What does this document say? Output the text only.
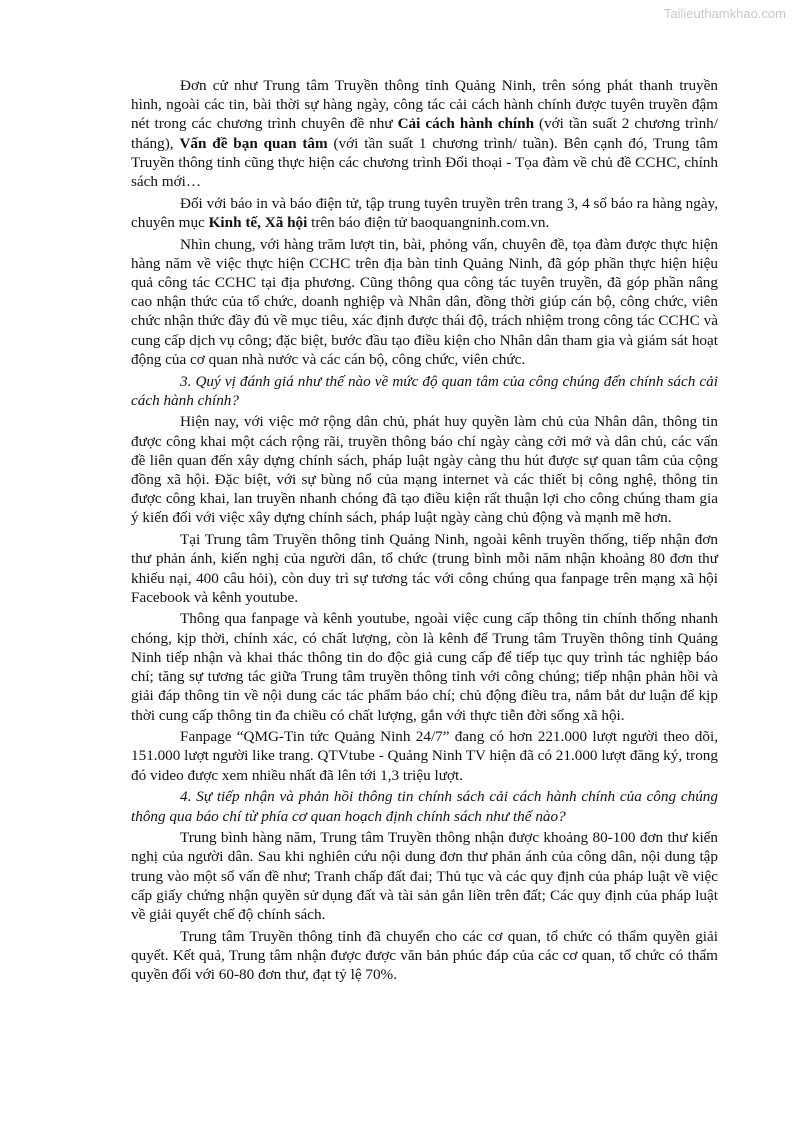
Tailieuthamkhao.com

Đơn cử như Trung tâm Truyền thông tỉnh Quảng Ninh, trên sóng phát thanh truyền hình, ngoài các tin, bài thời sự hàng ngày, công tác cải cách hành chính được tuyên truyền đậm nét trong các chương trình chuyên đề như Cải cách hành chính (với tần suất 2 chương trình/ tháng), Vấn đề bạn quan tâm (với tần suất 1 chương trình/ tuần). Bên cạnh đó, Trung tâm Truyền thông tỉnh cũng thực hiện các chương trình Đối thoại - Tọa đàm về chủ đề CCHC, chính sách mới…

Đối với báo in và báo điện tử, tập trung tuyên truyền trên trang 3, 4 số báo ra hàng ngày, chuyên mục Kinh tế, Xã hội trên báo điện tử baoquangninh.com.vn.

Nhìn chung, với hàng trăm lượt tin, bài, phỏng vấn, chuyên đề, tọa đàm được thực hiện hàng năm về việc thực hiện CCHC trên địa bàn tỉnh Quảng Ninh, đã góp phần thực hiện hiệu quả công tác CCHC tại địa phương. Cũng thông qua công tác tuyên truyền, đã góp phần nâng cao nhận thức của tổ chức, doanh nghiệp và Nhân dân, đồng thời giúp cán bộ, công chức, viên chức nhận thức đầy đủ về mục tiêu, xác định được thái độ, trách nhiệm trong công tác CCHC và cung cấp dịch vụ công; đặc biệt, bước đầu tạo điều kiện cho Nhân dân tham gia và giám sát hoạt động của cơ quan nhà nước và các cán bộ, công chức, viên chức.

3. Quý vị đánh giá như thế nào về mức độ quan tâm của công chúng đến chính sách cải cách hành chính?

Hiện nay, với việc mở rộng dân chủ, phát huy quyền làm chủ của Nhân dân, thông tin được công khai một cách rộng rãi, truyền thông báo chí ngày càng cởi mở và dân chủ, các vấn đề liên quan đến xây dựng chính sách, pháp luật ngày càng thu hút được sự quan tâm của cộng đồng xã hội. Đặc biệt, với sự bùng nổ của mạng internet và các thiết bị công nghệ, thông tin được công khai, lan truyền nhanh chóng đã tạo điều kiện rất thuận lợi cho công chúng tham gia ý kiến đối với việc xây dựng chính sách, pháp luật ngày càng chủ động và mạnh mẽ hơn.

Tại Trung tâm Truyền thông tỉnh Quảng Ninh, ngoài kênh truyền thống, tiếp nhận đơn thư phản ánh, kiến nghị của người dân, tổ chức (trung bình mỗi năm nhận khoảng 80 đơn thư khiếu nại, 400 câu hỏi), còn duy trì sự tương tác với công chúng qua fanpage trên mạng xã hội Facebook và kênh youtube.

Thông qua fanpage và kênh youtube, ngoài việc cung cấp thông tin chính thống nhanh chóng, kịp thời, chính xác, có chất lượng, còn là kênh để Trung tâm Truyền thông tỉnh Quảng Ninh tiếp nhận và khai thác thông tin do độc giả cung cấp để tiếp tục quy trình tác nghiệp báo chí; tăng sự tương tác giữa Trung tâm truyền thông tỉnh với công chúng; tiếp nhận phản hồi và giải đáp thông tin về nội dung các tác phẩm báo chí; chủ động điều tra, nắm bắt dư luận để kịp thời cung cấp thông tin đa chiều có chất lượng, gắn với thực tiễn đời sống xã hội.

Fanpage “QMG-Tin tức Quảng Ninh 24/7” đang có hơn 221.000 lượt người theo dõi, 151.000 lượt người like trang. QTVtube - Quảng Ninh TV hiện đã có 21.000 lượt đăng ký, trong đó video được xem nhiều nhất đã lên tới 1,3 triệu lượt.

4. Sự tiếp nhận và phản hồi thông tin chính sách cải cách hành chính của công chúng thông qua báo chí từ phía cơ quan hoạch định chính sách như thế nào?

Trung bình hàng năm, Trung tâm Truyền thông nhận được khoảng 80-100 đơn thư kiến nghị của người dân. Sau khi nghiên cứu nội dung đơn thư phản ánh của công dân, nội dung tập trung vào một số vấn đề như; Tranh chấp đất đai; Thủ tục và các quy định của pháp luật về việc cấp giấy chứng nhận quyền sử dụng đất và tài sản gắn liền trên đất; Các quy định của pháp luật về giải quyết chế độ chính sách.

Trung tâm Truyền thông tỉnh đã chuyển cho các cơ quan, tổ chức có thẩm quyền giải quyết. Kết quả, Trung tâm nhận được được văn bản phúc đáp của các cơ quan, tổ chức có thẩm quyền đối với 60-80 đơn thư, đạt tỷ lệ 70%.
